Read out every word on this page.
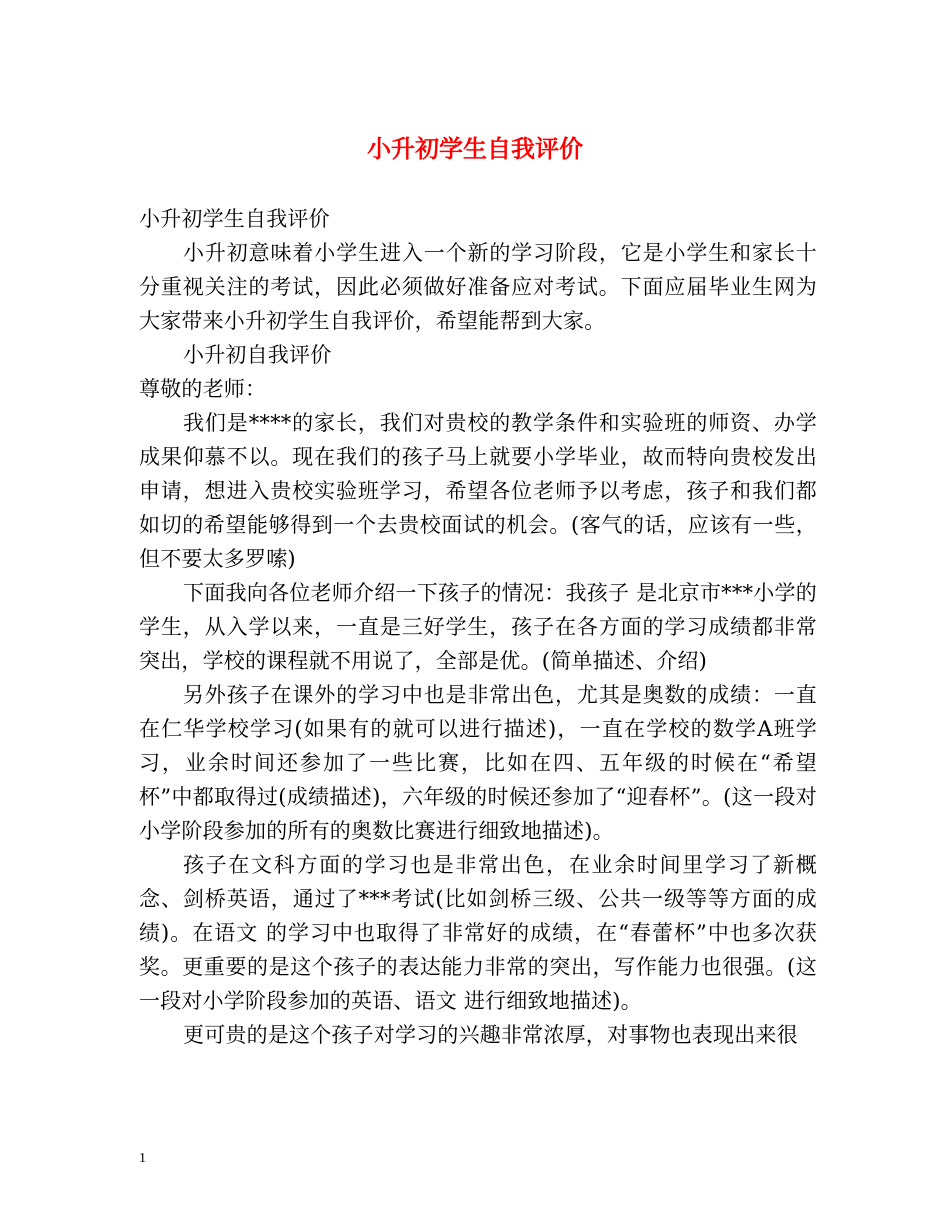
小升初学生自我评价

小升初学生自我评价

小升初意味着小学生进入一个新的学习阶段，它是小学生和家长十分重视关注的考试，因此必须做好准备应对考试。下面应届毕业生网为大家带来小升初学生自我评价，希望能帮到大家。

小升初自我评价

尊敬的老师：

我们是****的家长，我们对贵校的教学条件和实验班的师资、办学成果仰慕不以。现在我们的孩子马上就要小学毕业，故而特向贵校发出申请，想进入贵校实验班学习，希望各位老师予以考虑，孩子和我们都如切的希望能够得到一个去贵校面试的机会。(客气的话，应该有一些，但不要太多罗嗦)

下面我向各位老师介绍一下孩子的情况：我孩子 是北京市***小学的学生，从入学以来，一直是三好学生，孩子在各方面的学习成绩都非常突出，学校的课程就不用说了，全部是优。(简单描述、介绍)

另外孩子在课外的学习中也是非常出色，尤其是奥数的成绩：一直在仁华学校学习(如果有的就可以进行描述)，一直在学校的数学A班学习，业余时间还参加了一些比赛，比如在四、五年级的时候在“希望杯”中都取得过(成绩描述)，六年级的时候还参加了“迎春杯”。(这一段对小学阶段参加的所有的奥数比赛进行细致地描述)。

孩子在文科方面的学习也是非常出色，在业余时间里学习了新概念、剑桥英语，通过了***考试(比如剑桥三级、公共一级等等方面的成绩)。在语文 的学习中也取得了非常好的成绩，在“春蕾杯”中也多次获奖。更重要的是这个孩子的表达能力非常的突出，写作能力也很强。(这一段对小学阶段参加的英语、语文 进行细致地描述)。

更可贵的是这个孩子对学习的兴趣非常浓厚，对事物也表现出来很

1
